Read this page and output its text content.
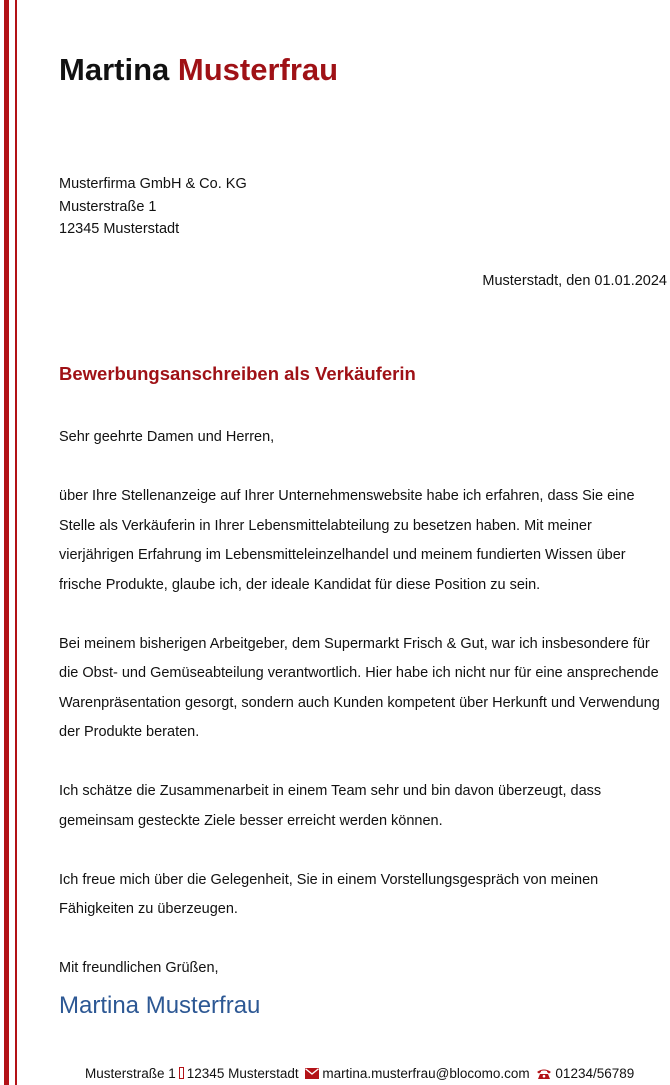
Martina Musterfrau
Musterfirma GmbH & Co. KG
Musterstraße 1
12345 Musterstadt
Musterstadt, den 01.01.2024
Bewerbungsanschreiben als Verkäuferin

Sehr geehrte Damen und Herren,

über Ihre Stellenanzeige auf Ihrer Unternehmenswebsite habe ich erfahren, dass Sie eine Stelle als Verkäuferin in Ihrer Lebensmittelabteilung zu besetzen haben. Mit meiner vierjährigen Erfahrung im Lebensmitteleinzelhandel und meinem fundierten Wissen über frische Produkte, glaube ich, der ideale Kandidat für diese Position zu sein.

Bei meinem bisherigen Arbeitgeber, dem Supermarkt Frisch & Gut, war ich insbesondere für die Obst- und Gemüseabteilung verantwortlich. Hier habe ich nicht nur für eine ansprechende Warenpräsentation gesorgt, sondern auch Kunden kompetent über Herkunft und Verwendung der Produkte beraten.

Ich schätze die Zusammenarbeit in einem Team sehr und bin davon überzeugt, dass gemeinsam gesteckte Ziele besser erreicht werden können.

Ich freue mich über die Gelegenheit, Sie in einem Vorstellungsgespräch von meinen Fähigkeiten zu überzeugen.

Mit freundlichen Grüßen,

Martina Musterfrau
Musterstraße 1 12345 Musterstadt martina.musterfrau@blocomo.com 01234/56789
